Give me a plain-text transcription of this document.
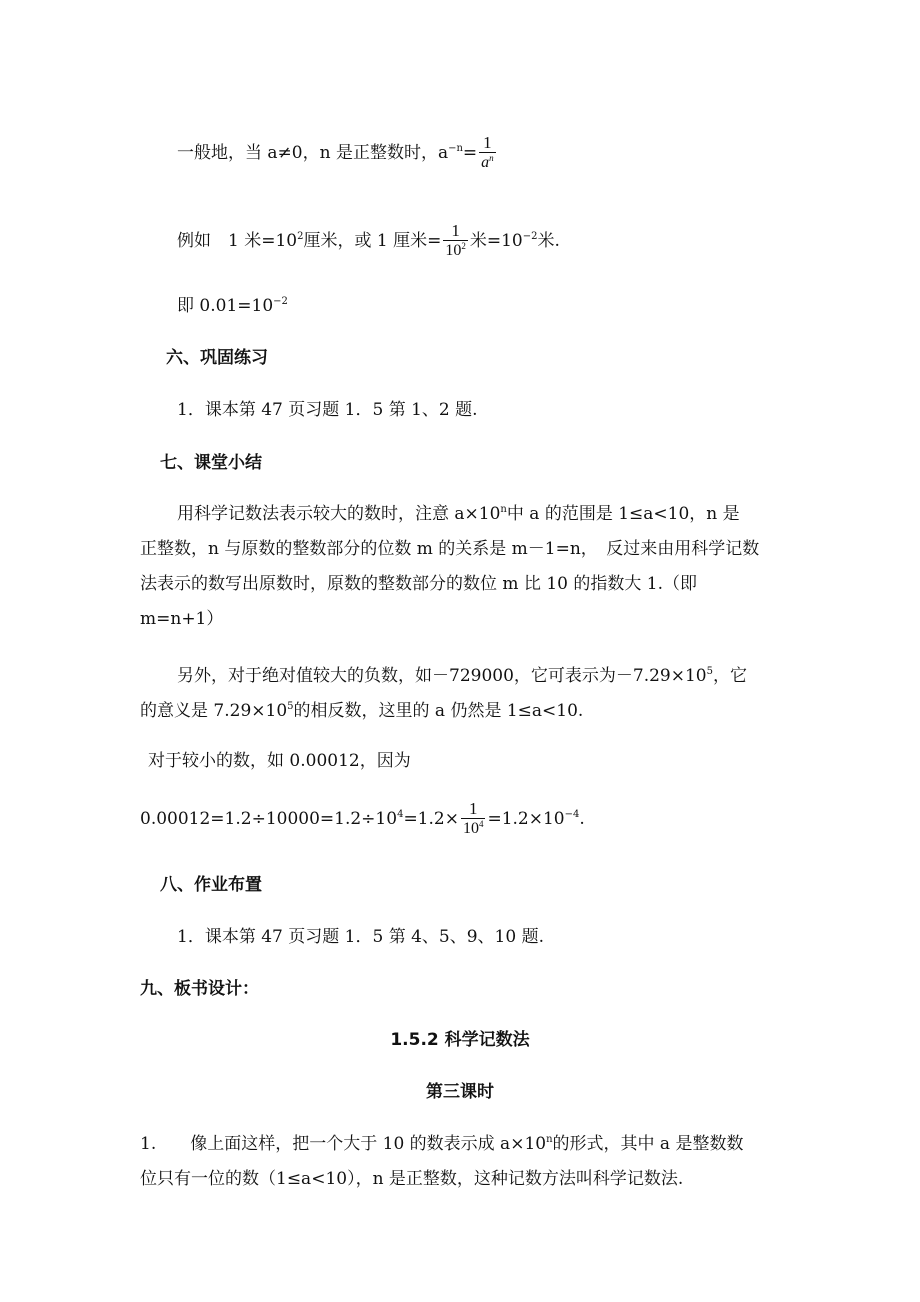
一般地，当 a≠0，n 是正整数时，$a^{-n}= \frac{1}{a^n}$
例如　1 米$=10^2$厘米，或 1 厘米= $\frac{1}{10^2}$ 米$=10^{-2}$米.
即 $0.01=10^{-2}$
六、巩固练习
1．课本第 47 页习题 1．5 第 1、2 题.
七、课堂小结
用科学记数法表示较大的数时，注意 $a\times 10^n$中 a 的范围是 1≤a<10，n 是
正整数，n 与原数的整数部分的位数 m 的关系是 m－1=n，　反过来由用科学记数
法表示的数写出原数时，原数的整数部分的数位 m 比 10 的指数大 1.（即
m=n+1）
另外，对于绝对值较大的负数，如－729000，它可表示为$-7.29\times 10^5$，它
的意义是 $7.29\times 10^5$的相反数，这里的 a 仍然是 1≤a<10.
对于较小的数，如 0.00012，因为
$0.00012=1.2\div 10000=1.2\div 10^4=1.2\times \frac{1}{10^4} =1.2\times 10^{-4}$.
八、作业布置
1．课本第 47 页习题 1．5 第 4、5、9、10 题.
九、板书设计：
1.5.2 科学记数法
第三课时
1.　　像上面这样，把一个大于 10 的数表示成 $a\times 10^n$的形式，其中 a 是整数数
位只有一位的数（1≤a<10），n 是正整数，这种记数方法叫科学记数法.
